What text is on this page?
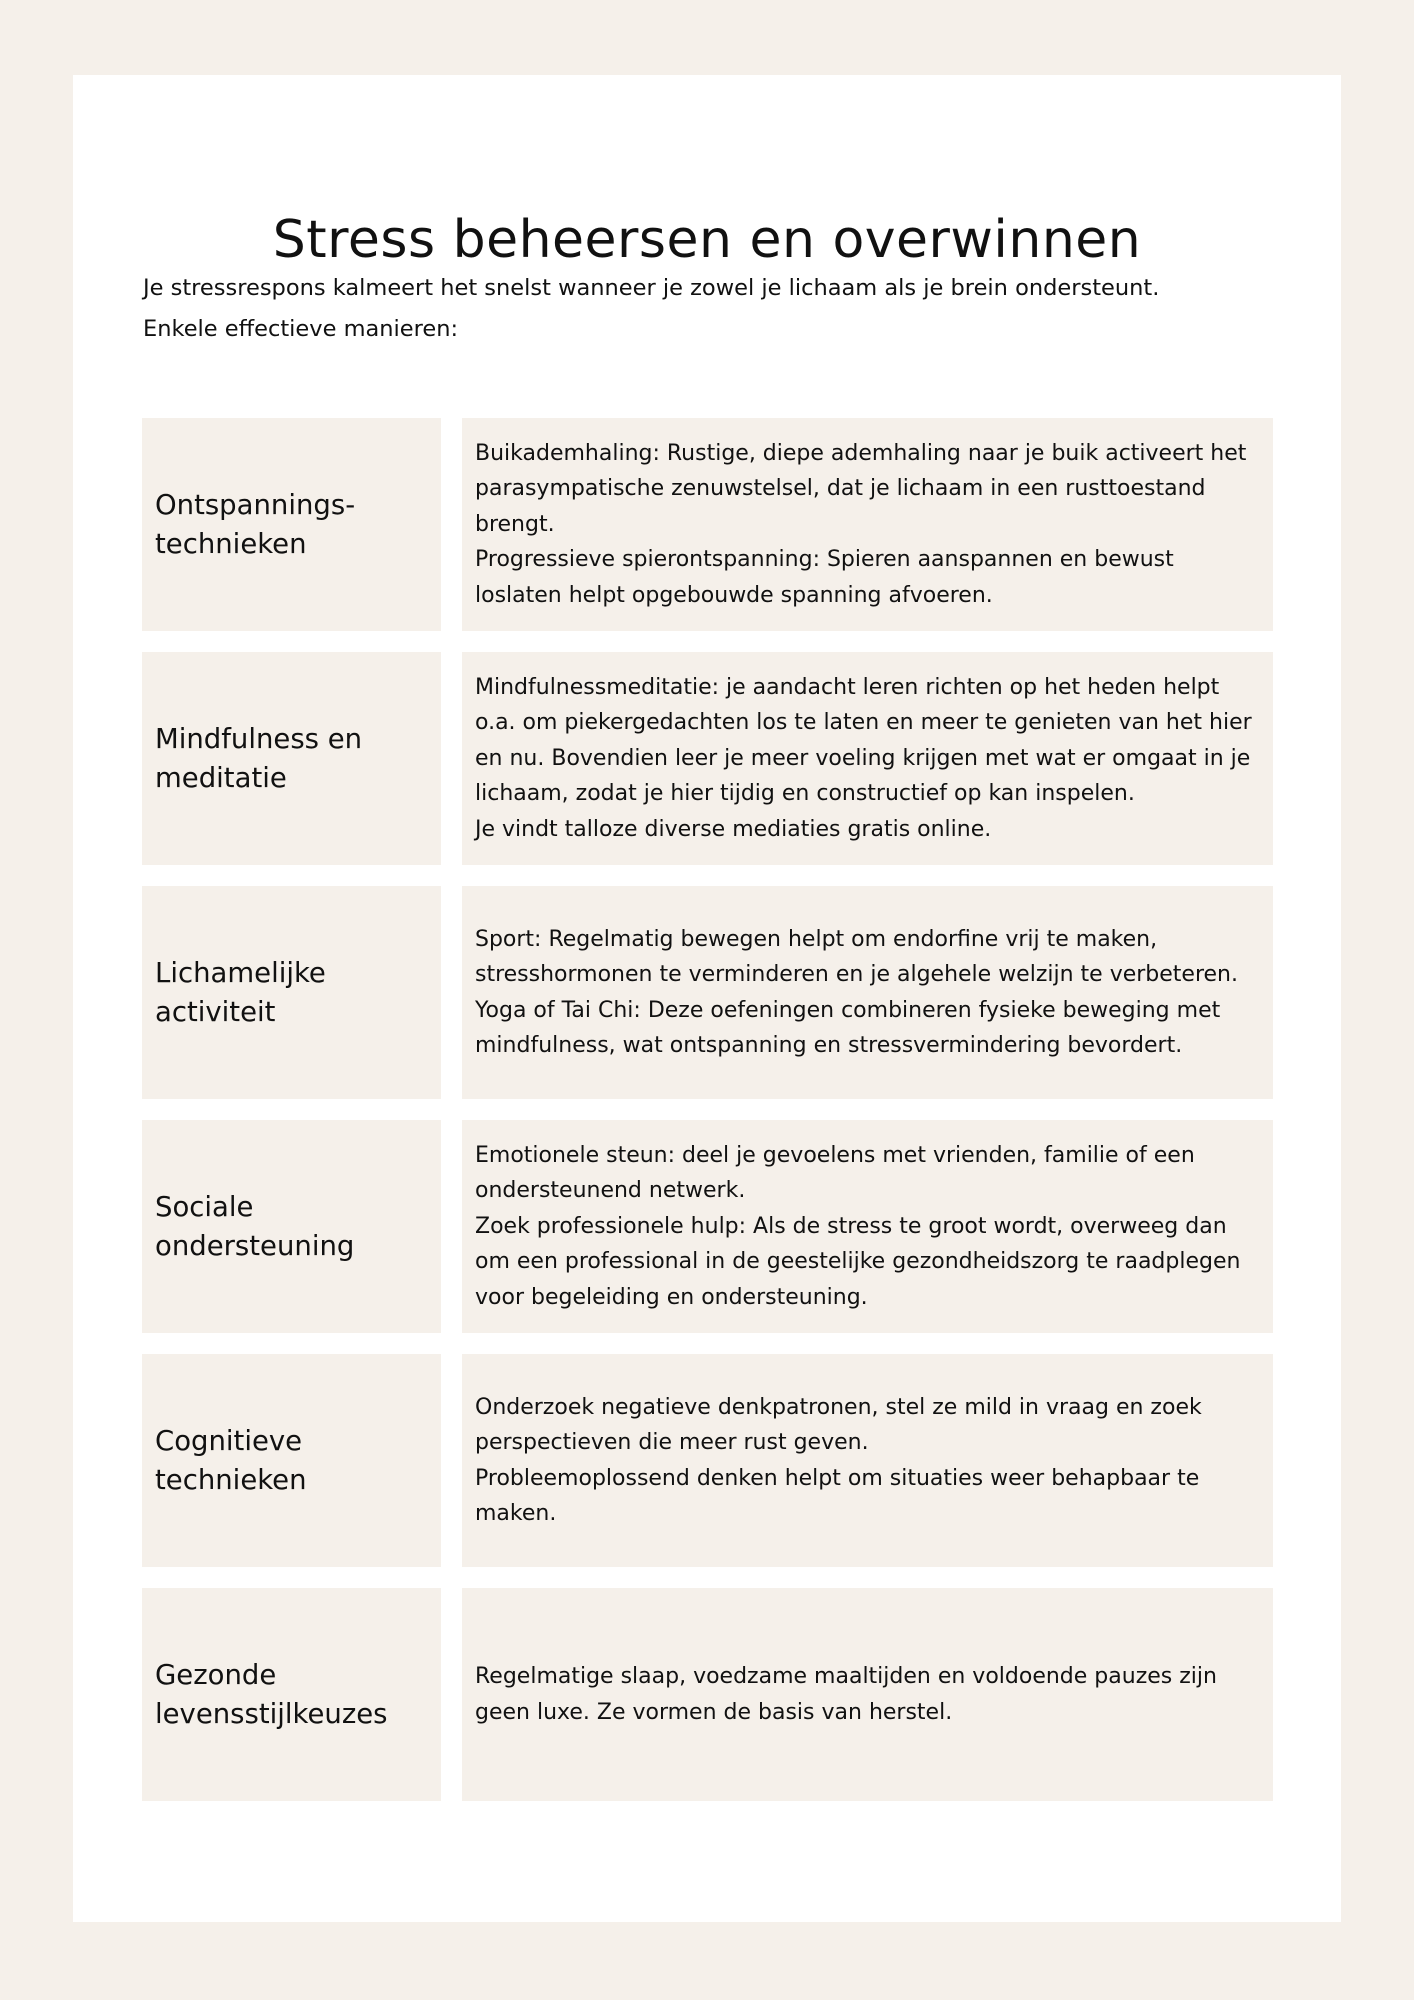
Stress beheersen en overwinnen

Je stressrespons kalmeert het snelst wanneer je zowel je lichaam als je brein ondersteunt.
Enkele effectieve manieren:

Ontspannings-
technieken
Buikademhaling: Rustige, diepe ademhaling naar je buik activeert het
parasympatische zenuwstelsel, dat je lichaam in een rusttoestand
brengt.
Progressieve spierontspanning: Spieren aanspannen en bewust
loslaten helpt opgebouwde spanning afvoeren.
Mindfulness en
meditatie
Mindfulnessmeditatie: je aandacht leren richten op het heden helpt
o.a. om piekergedachten los te laten en meer te genieten van het hier
en nu. Bovendien leer je meer voeling krijgen met wat er omgaat in je
lichaam, zodat je hier tijdig en constructief op kan inspelen.
Je vindt talloze diverse mediaties gratis online.
Lichamelijke
activiteit
Sport: Regelmatig bewegen helpt om endorfine vrij te maken,
stresshormonen te verminderen en je algehele welzijn te verbeteren.
Yoga of Tai Chi: Deze oefeningen combineren fysieke beweging met
mindfulness, wat ontspanning en stressvermindering bevordert.
Sociale
ondersteuning
Emotionele steun: deel je gevoelens met vrienden, familie of een
ondersteunend netwerk.
Zoek professionele hulp: Als de stress te groot wordt, overweeg dan
om een professional in de geestelijke gezondheidszorg te raadplegen
voor begeleiding en ondersteuning.
Cognitieve
technieken
Onderzoek negatieve denkpatronen, stel ze mild in vraag en zoek
perspectieven die meer rust geven.
Probleemoplossend denken helpt om situaties weer behapbaar te
maken.
Gezonde
levensstijlkeuzes
Regelmatige slaap, voedzame maaltijden en voldoende pauzes zijn
geen luxe. Ze vormen de basis van herstel.
